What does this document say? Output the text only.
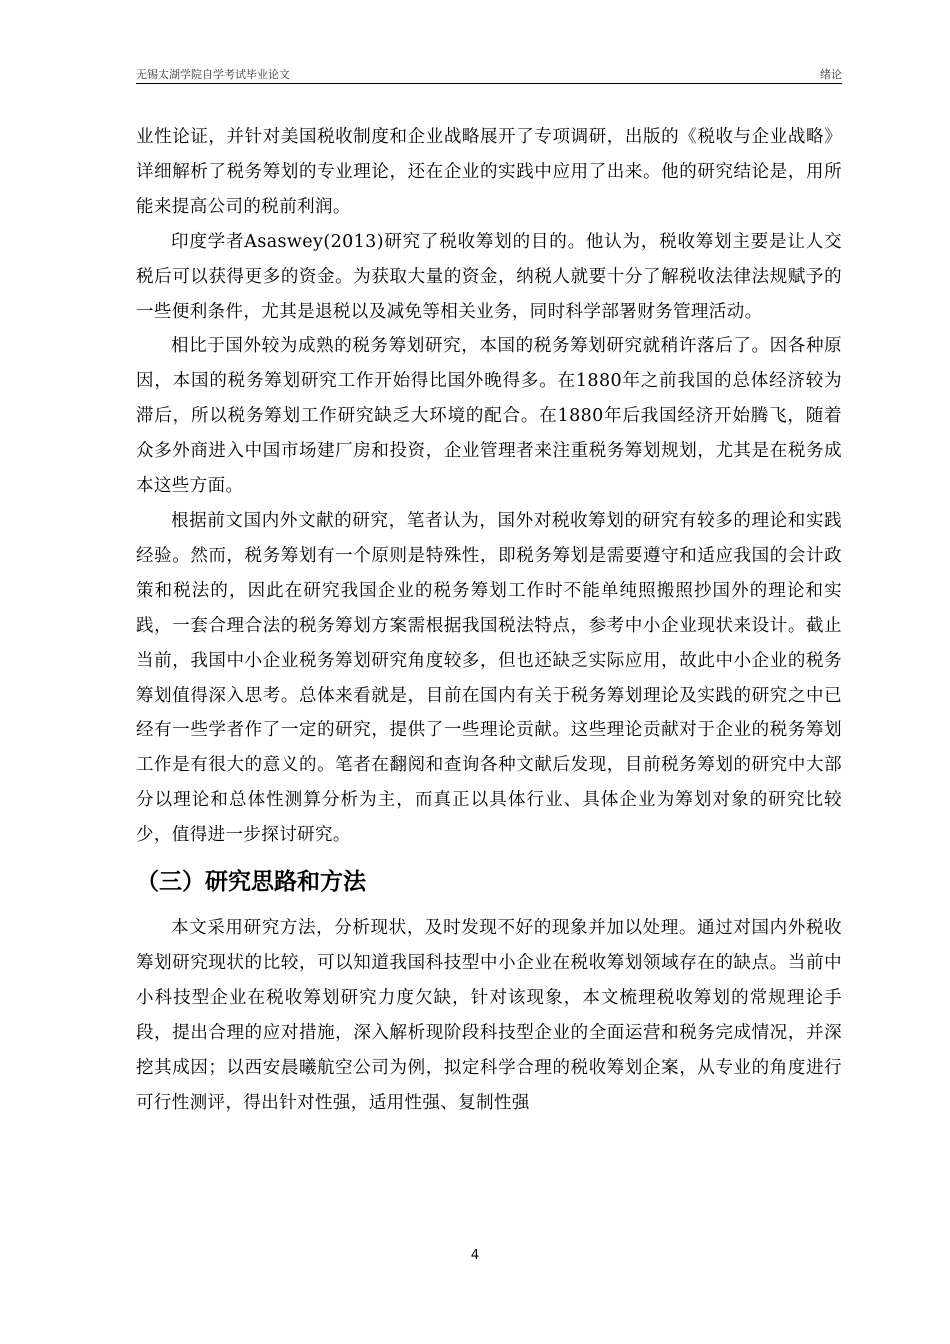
无锡太湖学院自学考试毕业论文	绪论

业性论证，并针对美国税收制度和企业战略展开了专项调研，出版的《税收与企业战略》详细解析了税务筹划的专业理论，还在企业的实践中应用了出来。他的研究结论是，用所能来提高公司的税前利润。

印度学者Asaswey(2013)研究了税收筹划的目的。他认为，税收筹划主要是让人交税后可以获得更多的资金。为获取大量的资金，纳税人就要十分了解税收法律法规赋予的一些便利条件，尤其是退税以及减免等相关业务，同时科学部署财务管理活动。

相比于国外较为成熟的税务筹划研究，本国的税务筹划研究就稍许落后了。因各种原因，本国的税务筹划研究工作开始得比国外晚得多。在1880年之前我国的总体经济较为滞后，所以税务筹划工作研究缺乏大环境的配合。在1880年后我国经济开始腾飞，随着众多外商进入中国市场建厂房和投资，企业管理者来注重税务筹划规划，尤其是在税务成本这些方面。

根据前文国内外文献的研究，笔者认为，国外对税收筹划的研究有较多的理论和实践经验。然而，税务筹划有一个原则是特殊性，即税务筹划是需要遵守和适应我国的会计政策和税法的，因此在研究我国企业的税务筹划工作时不能单纯照搬照抄国外的理论和实践，一套合理合法的税务筹划方案需根据我国税法特点，参考中小企业现状来设计。截止当前，我国中小企业税务筹划研究角度较多，但也还缺乏实际应用，故此中小企业的税务筹划值得深入思考。总体来看就是，目前在国内有关于税务筹划理论及实践的研究之中已经有一些学者作了一定的研究，提供了一些理论贡献。这些理论贡献对于企业的税务筹划工作是有很大的意义的。笔者在翻阅和查询各种文献后发现，目前税务筹划的研究中大部分以理论和总体性测算分析为主，而真正以具体行业、具体企业为筹划对象的研究比较少，值得进一步探讨研究。

（三）研究思路和方法

本文采用研究方法，分析现状，及时发现不好的现象并加以处理。通过对国内外税收筹划研究现状的比较，可以知道我国科技型中小企业在税收筹划领域存在的缺点。当前中小科技型企业在税收筹划研究力度欠缺，针对该现象，本文梳理税收筹划的常规理论手段，提出合理的应对措施，深入解析现阶段科技型企业的全面运营和税务完成情况，并深挖其成因；以西安晨曦航空公司为例，拟定科学合理的税收筹划企案，从专业的角度进行可行性测评，得出针对性强，适用性强、复制性强

4
